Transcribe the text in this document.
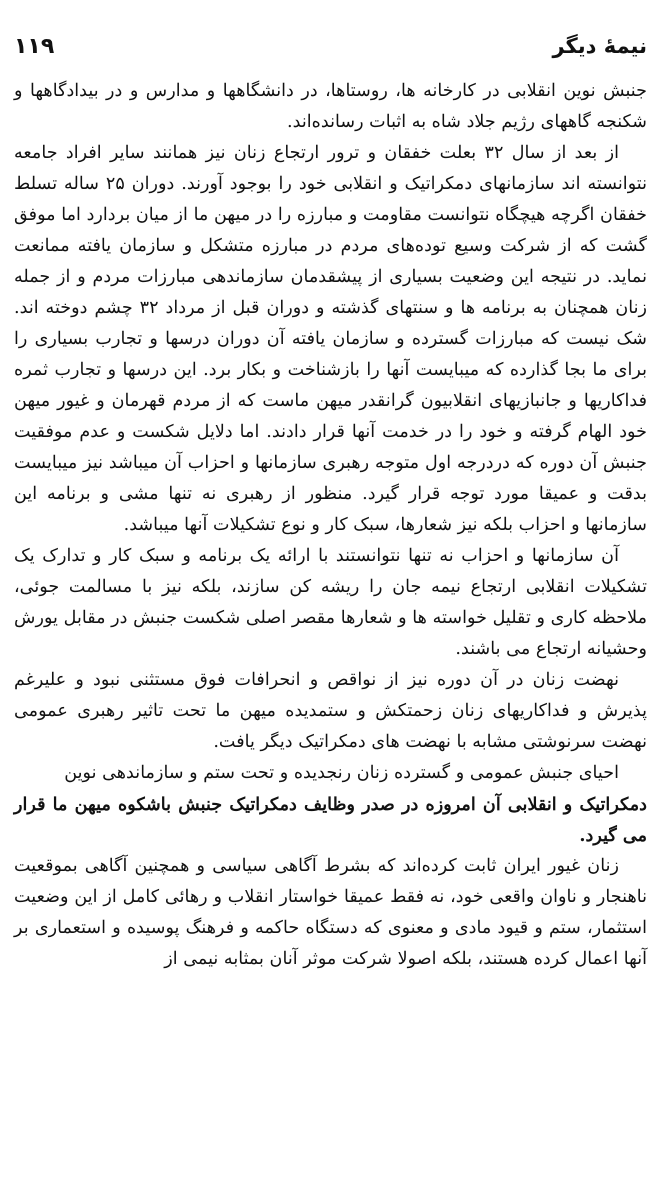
۱۱۹	نیمهٔ دیگر

جنبش نوین انقلابی در کارخانه ها، روستاها، در دانشگاهها و مدارس و در بیدادگاهها و شکنجه گاههای رژیم جلاد شاه به اثبات رسانده‌اند.

از بعد از سال ۳۲ بعلت خفقان و ترور ارتجاع زنان نیز همانند سایر افراد جامعه نتوانسته اند سازمانهای دمکراتیک و انقلابی خود را بوجود آورند. دوران ۲۵ ساله تسلط خفقان اگرچه هیچگاه نتوانست مقاومت و مبارزه را در میهن ما از میان بردارد اما موفق گشت که از شرکت وسیع توده‌های مردم در مبارزه متشکل و سازمان یافته ممانعت نماید. در نتیجه این وضعیت بسیاری از پیشقدمان سازماندهی مبارزات مردم و از جمله زنان همچنان به برنامه ها و سنتهای گذشته و دوران قبل از مرداد ۳۲ چشم دوخته اند. شک نیست که مبارزات گسترده و سازمان یافته آن دوران درسها و تجارب بسیاری را برای ما بجا گذارده که میبایست آنها را بازشناخت و بکار برد. این درسها و تجارب ثمره فداکاریها و جانبازیهای انقلابیون گرانقدر میهن ماست که از مردم قهرمان و غیور میهن خود الهام گرفته و خود را در خدمت آنها قرار دادند. اما دلایل شکست و عدم موفقیت جنبش آن دوره که دردرجه اول متوجه رهبری سازمانها و احزاب آن میباشد نیز میبایست بدقت و عمیقا مورد توجه قرار گیرد. منظور از رهبری نه تنها مشی و برنامه این سازمانها و احزاب بلکه نیز شعارها، سبک کار و نوع تشکیلات آنها میباشد.

آن سازمانها و احزاب نه تنها نتوانستند با ارائه یک برنامه و سبک کار و تدارک یک تشکیلات انقلابی ارتجاع نیمه جان را ریشه کن سازند، بلکه نیز با مسالمت جوئی، ملاحظه کاری و تقلیل خواسته ها و شعارها مقصر اصلی شکست جنبش در مقابل یورش وحشیانه ارتجاع می باشند.

نهضت زنان در آن دوره نیز از نواقص و انحرافات فوق مستثنی نبود و علیرغم پذیرش و فداکاریهای زنان زحمتکش و ستمدیده میهن ما تحت تاثیر رهبری عمومی نهضت سرنوشتی مشابه با نهضت های دمکراتیک دیگر یافت.

احیای جنبش عمومی و گسترده زنان رنجدیده و تحت ستم و سازماندهی نوین

دمکراتیک و انقلابی آن امروزه در صدر وظایف دمکراتیک جنبش باشکوه میهن ما قرار می گیرد.

زنان غیور ایران ثابت کرده‌اند که بشرط آگاهی سیاسی و همچنین آگاهی بموقعیت ناهنجار و ناوان واقعی خود، نه فقط عمیقا خواستار انقلاب و رهائی کامل از این وضعیت استثمار، ستم و قیود مادی و معنوی که دستگاه حاکمه و فرهنگ پوسیده و استعماری بر آنها اعمال کرده هستند، بلکه اصولا شرکت موثر آنان بمثابه نیمی از
